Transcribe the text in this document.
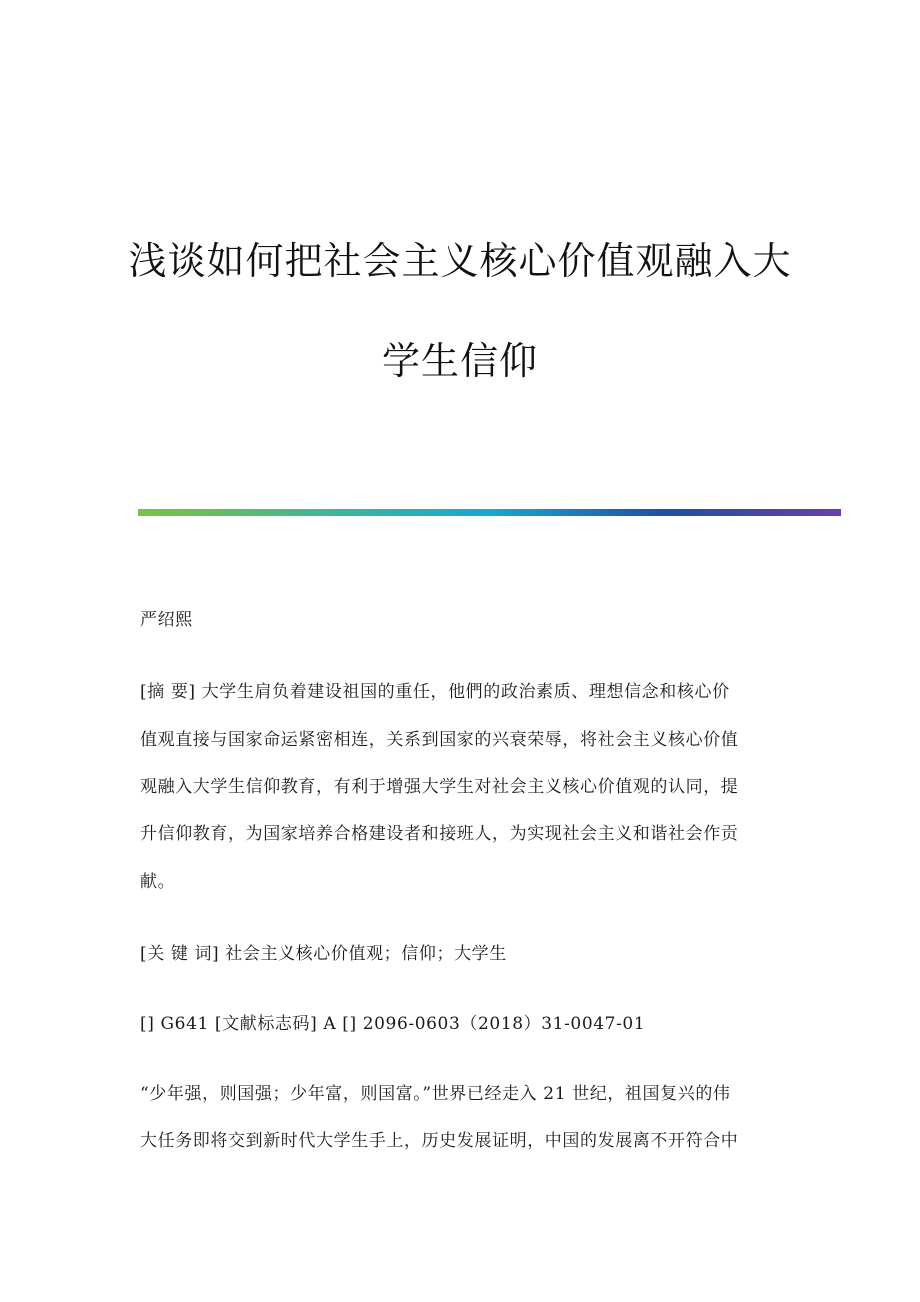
浅谈如何把社会主义核心价值观融入大
学生信仰
严绍熙
[摘 要] 大学生肩负着建设祖国的重任，他們的政治素质、理想信念和核心价
值观直接与国家命运紧密相连，关系到国家的兴衰荣辱，将社会主义核心价值
观融入大学生信仰教育，有利于增强大学生对社会主义核心价值观的认同，提
升信仰教育，为国家培养合格建设者和接班人，为实现社会主义和谐社会作贡
献。
[关 键 词] 社会主义核心价值观；信仰；大学生
[] G641 [文献标志码] A [] 2096-0603（2018）31-0047-01
“少年强，则国强；少年富，则国富。”世界已经走入 21 世纪，祖国复兴的伟
大任务即将交到新时代大学生手上，历史发展证明，中国的发展离不开符合中
